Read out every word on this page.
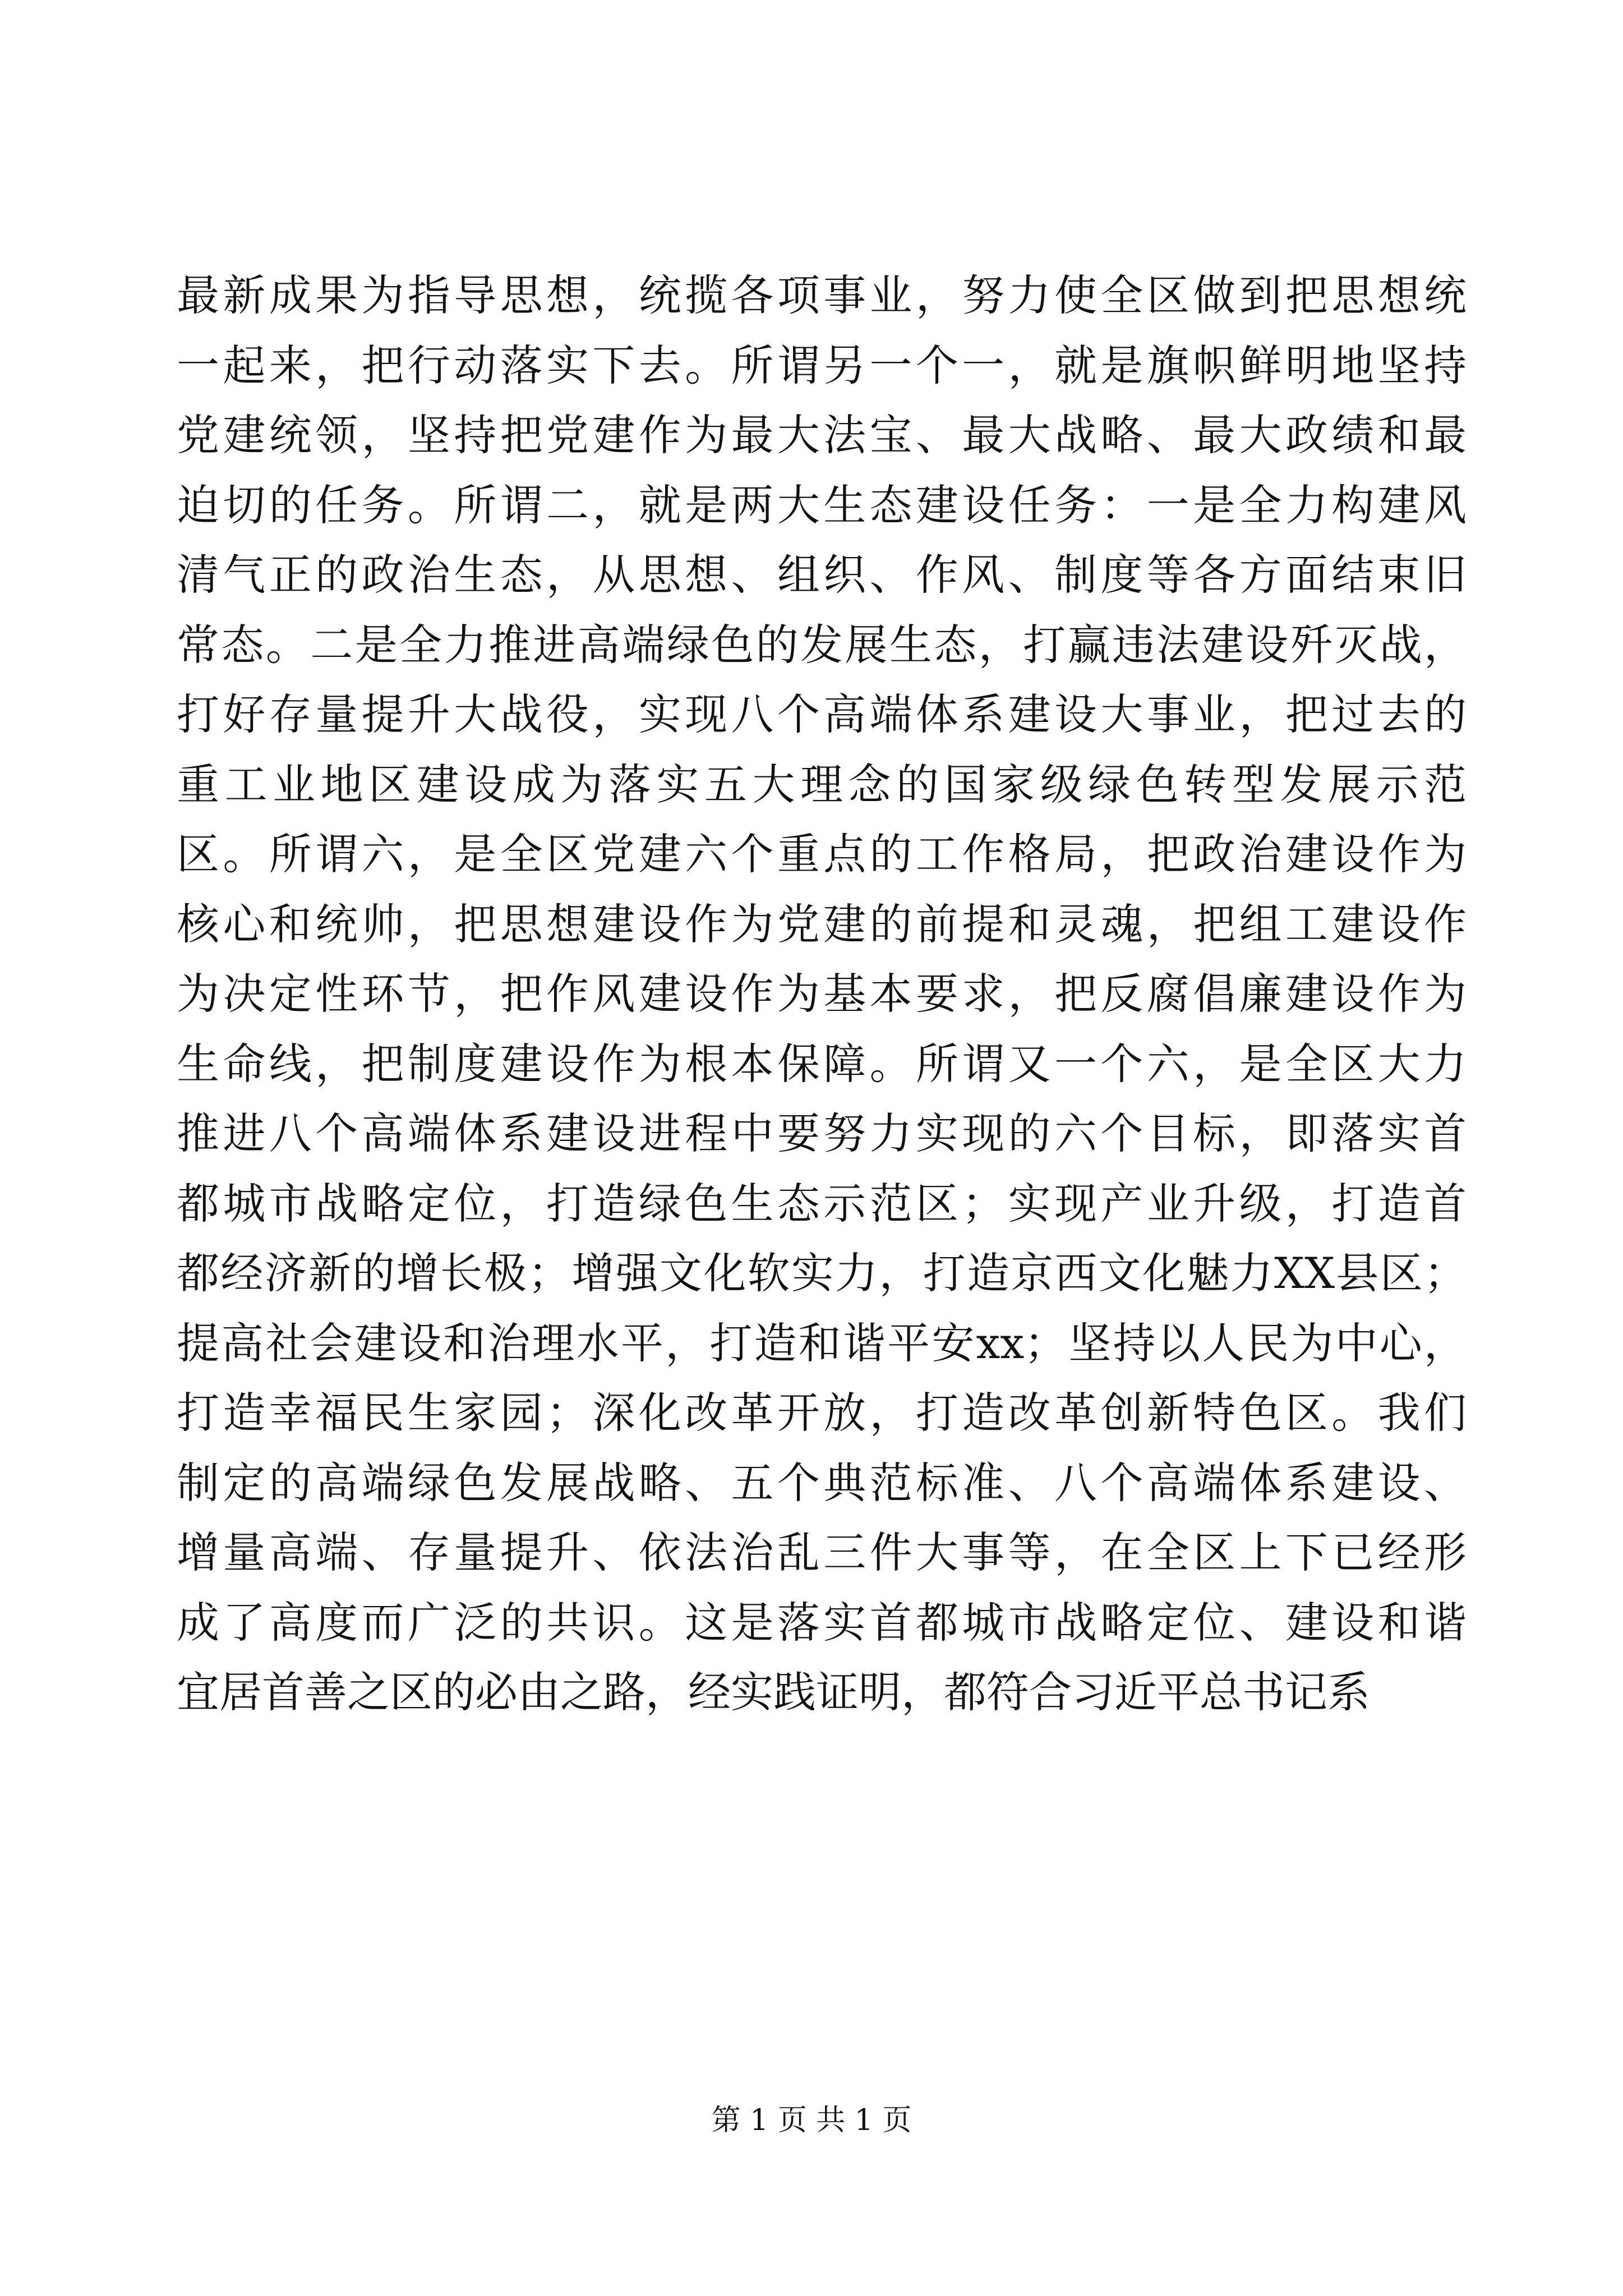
最新成果为指导思想，统揽各项事业，努力使全区做到把思想统
一起来，把行动落实下去。所谓另一个一，就是旗帜鲜明地坚持
党建统领，坚持把党建作为最大法宝、最大战略、最大政绩和最
迫切的任务。所谓二，就是两大生态建设任务：一是全力构建风
清气正的政治生态，从思想、组织、作风、制度等各方面结束旧
常态。二是全力推进高端绿色的发展生态，打赢违法建设歼灭战，
打好存量提升大战役，实现八个高端体系建设大事业，把过去的
重工业地区建设成为落实五大理念的国家级绿色转型发展示范
区。所谓六，是全区党建六个重点的工作格局，把政治建设作为
核心和统帅，把思想建设作为党建的前提和灵魂，把组工建设作
为决定性环节，把作风建设作为基本要求，把反腐倡廉建设作为
生命线，把制度建设作为根本保障。所谓又一个六，是全区大力
推进八个高端体系建设进程中要努力实现的六个目标，即落实首
都城市战略定位，打造绿色生态示范区；实现产业升级，打造首
都经济新的增长极；增强文化软实力，打造京西文化魅力XX县区；
提高社会建设和治理水平，打造和谐平安xx；坚持以人民为中心，
打造幸福民生家园；深化改革开放，打造改革创新特色区。我们
制定的高端绿色发展战略、五个典范标准、八个高端体系建设、
增量高端、存量提升、依法治乱三件大事等，在全区上下已经形
成了高度而广泛的共识。这是落实首都城市战略定位、建设和谐
宜居首善之区的必由之路，经实践证明，都符合习近平总书记系
第 1 页 共 1 页
